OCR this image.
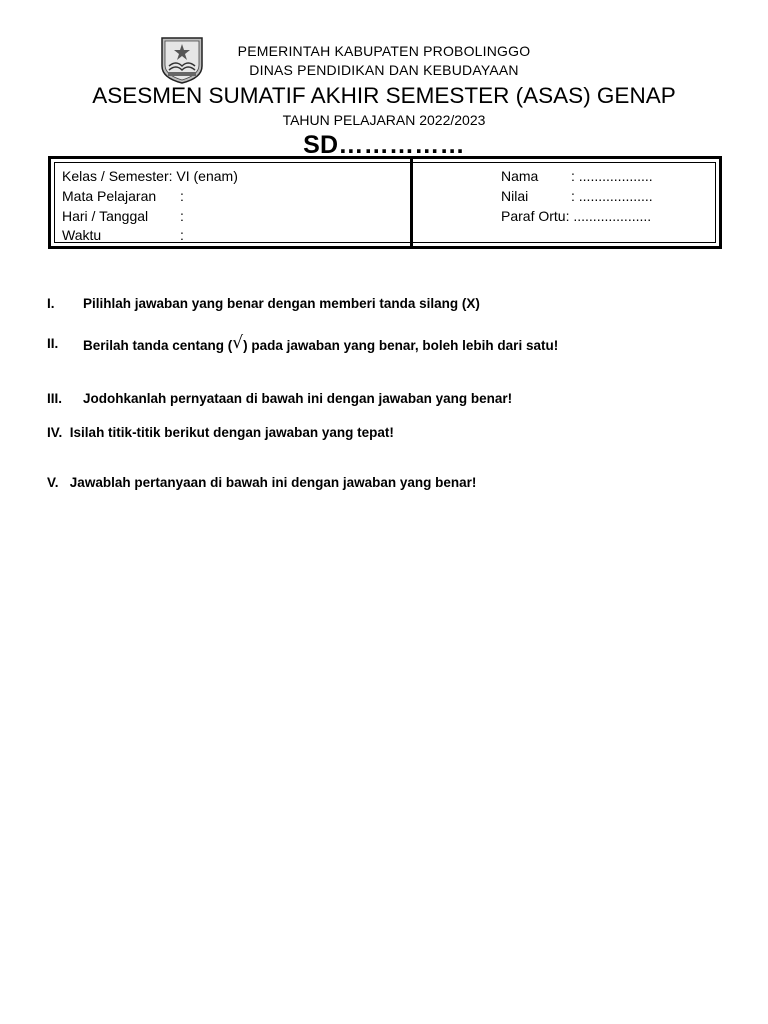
PEMERINTAH KABUPATEN PROBOLINGGO
DINAS PENDIDIKAN DAN KEBUDAYAAN
ASESMEN SUMATIF AKHIR SEMESTER (ASAS) GENAP
TAHUN PELAJARAN 2022/2023
SD……………
Kelas / Semester: VI (enam)
Mata Pelajaran :
Hari / Tanggal :
Waktu	:
Nama : ...................
Nilai	: ...................
Paraf Ortu: ....................
I. Pilihlah jawaban yang benar dengan memberi tanda silang (X)
II. Berilah tanda centang (√) pada jawaban yang benar, boleh lebih dari satu!
III. Jodohkanlah pernyataan di bawah ini dengan jawaban yang benar!
IV. Isilah titik-titik berikut dengan jawaban yang tepat!
V. Jawablah pertanyaan di bawah ini dengan jawaban yang benar!
